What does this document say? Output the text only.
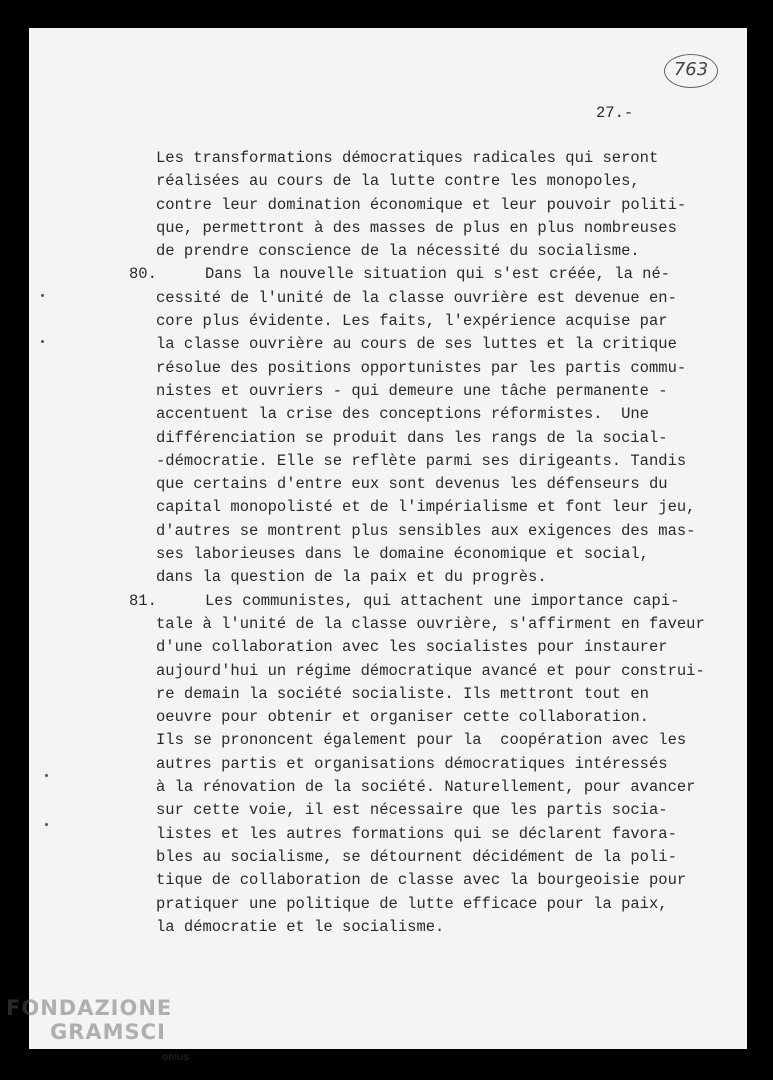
763
27.-
Les transformations démocratiques radicales qui seront
réalisées au cours de la lutte contre les monopoles,
contre leur domination économique et leur pouvoir politi-
que, permettront à des masses de plus en plus nombreuses
de prendre conscience de la nécessité du socialisme.
80.	Dans la nouvelle situation qui s'est créée, la né-
cessité de l'unité de la classe ouvrière est devenue en-
core plus évidente. Les faits, l'expérience acquise par
la classe ouvrière au cours de ses luttes et la critique
résolue des positions opportunistes par les partis commu-
nistes et ouvriers - qui demeure une tâche permanente -
accentuent la crise des conceptions réformistes.  Une
différenciation se produit dans les rangs de la social-
-démocratie. Elle se reflète parmi ses dirigeants. Tandis
que certains d'entre eux sont devenus les défenseurs du
capital monopolisté et de l'impérialisme et font leur jeu,
d'autres se montrent plus sensibles aux exigences des mas-
ses laborieuses dans le domaine économique et social,
dans la question de la paix et du progrès.
81.	Les communistes, qui attachent une importance capi-
tale à l'unité de la classe ouvrière, s'affirment en faveur
d'une collaboration avec les socialistes pour instaurer
aujourd'hui un régime démocratique avancé et pour construi-
re demain la société socialiste. Ils mettront tout en
oeuvre pour obtenir et organiser cette collaboration.
Ils se prononcent également pour la  coopération avec les
autres partis et organisations démocratiques intéressés
à la rénovation de la société. Naturellement, pour avancer
sur cette voie, il est nécessaire que les partis socia-
listes et les autres formations qui se déclarent favora-
bles au socialisme, se détournent décidément de la poli-
tique de collaboration de classe avec la bourgeoisie pour
pratiquer une politique de lutte efficace pour la paix,
la démocratie et le socialisme.
FONDAZIONE
GRAMSCI
onlus
